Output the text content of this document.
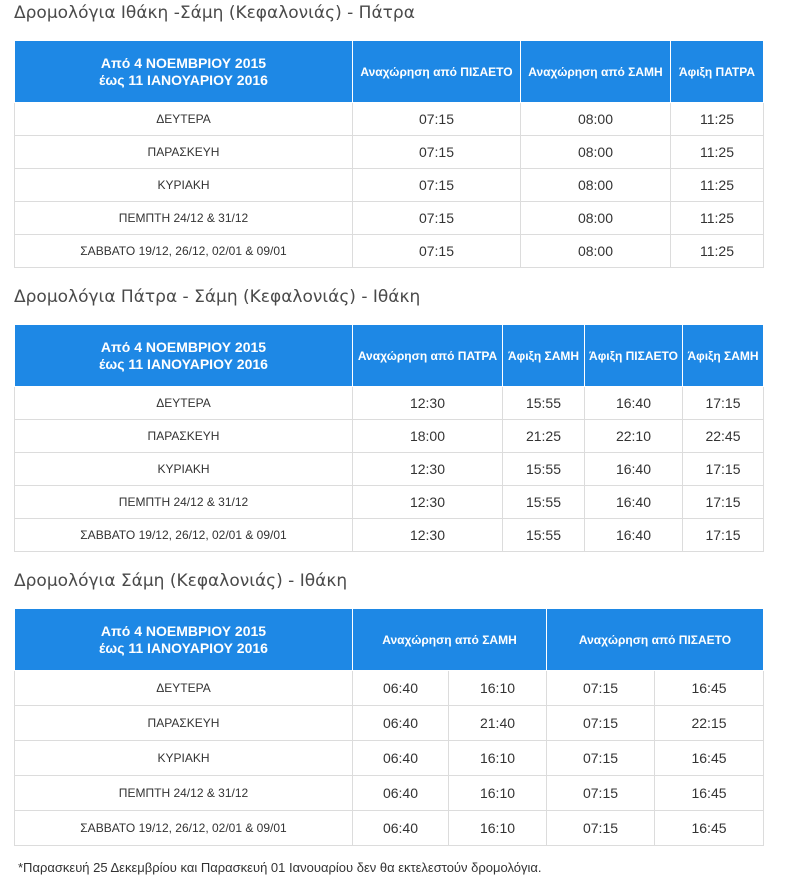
Δρομολόγια Ιθάκη -Σάμη (Κεφαλονιάς) - Πάτρα
Από 4 ΝΟΕΜΒΡΙΟΥ 2015
έως 11 ΙΑΝΟΥΑΡΙΟΥ 2016	Αναχώρηση από ΠΙΣΑΕΤΟ	Αναχώρηση από ΣΑΜΗ	Άφιξη ΠΑΤΡΑ
ΔΕΥΤΕΡΑ	07:15	08:00	11:25
ΠΑΡΑΣΚΕΥΗ	07:15	08:00	11:25
ΚΥΡΙΑΚΗ	07:15	08:00	11:25
ΠΕΜΠΤΗ 24/12 & 31/12	07:15	08:00	11:25
ΣΑΒΒΑΤΟ 19/12, 26/12, 02/01 & 09/01	07:15	08:00	11:25
Δρομολόγια Πάτρα - Σάμη (Κεφαλονιάς) - Ιθάκη
Από 4 ΝΟΕΜΒΡΙΟΥ 2015
έως 11 ΙΑΝΟΥΑΡΙΟΥ 2016	Αναχώρηση από ΠΑΤΡΑ	Άφιξη ΣΑΜΗ	Άφιξη ΠΙΣΑΕΤΟ	Άφιξη ΣΑΜΗ
ΔΕΥΤΕΡΑ	12:30	15:55	16:40	17:15
ΠΑΡΑΣΚΕΥΗ	18:00	21:25	22:10	22:45
ΚΥΡΙΑΚΗ	12:30	15:55	16:40	17:15
ΠΕΜΠΤΗ 24/12 & 31/12	12:30	15:55	16:40	17:15
ΣΑΒΒΑΤΟ 19/12, 26/12, 02/01 & 09/01	12:30	15:55	16:40	17:15
Δρομολόγια Σάμη (Κεφαλονιάς) - Ιθάκη
Από 4 ΝΟΕΜΒΡΙΟΥ 2015
έως 11 ΙΑΝΟΥΑΡΙΟΥ 2016	Αναχώρηση από ΣΑΜΗ		Αναχώρηση από ΠΙΣΑΕΤΟ	
ΔΕΥΤΕΡΑ	06:40	16:10	07:15	16:45
ΠΑΡΑΣΚΕΥΗ	06:40	21:40	07:15	22:15
ΚΥΡΙΑΚΗ	06:40	16:10	07:15	16:45
ΠΕΜΠΤΗ 24/12 & 31/12	06:40	16:10	07:15	16:45
ΣΑΒΒΑΤΟ 19/12, 26/12, 02/01 & 09/01	06:40	16:10	07:15	16:45
*Παρασκευή 25 Δεκεμβρίου και Παρασκευή 01 Ιανουαρίου δεν θα εκτελεστούν δρομολόγια.
